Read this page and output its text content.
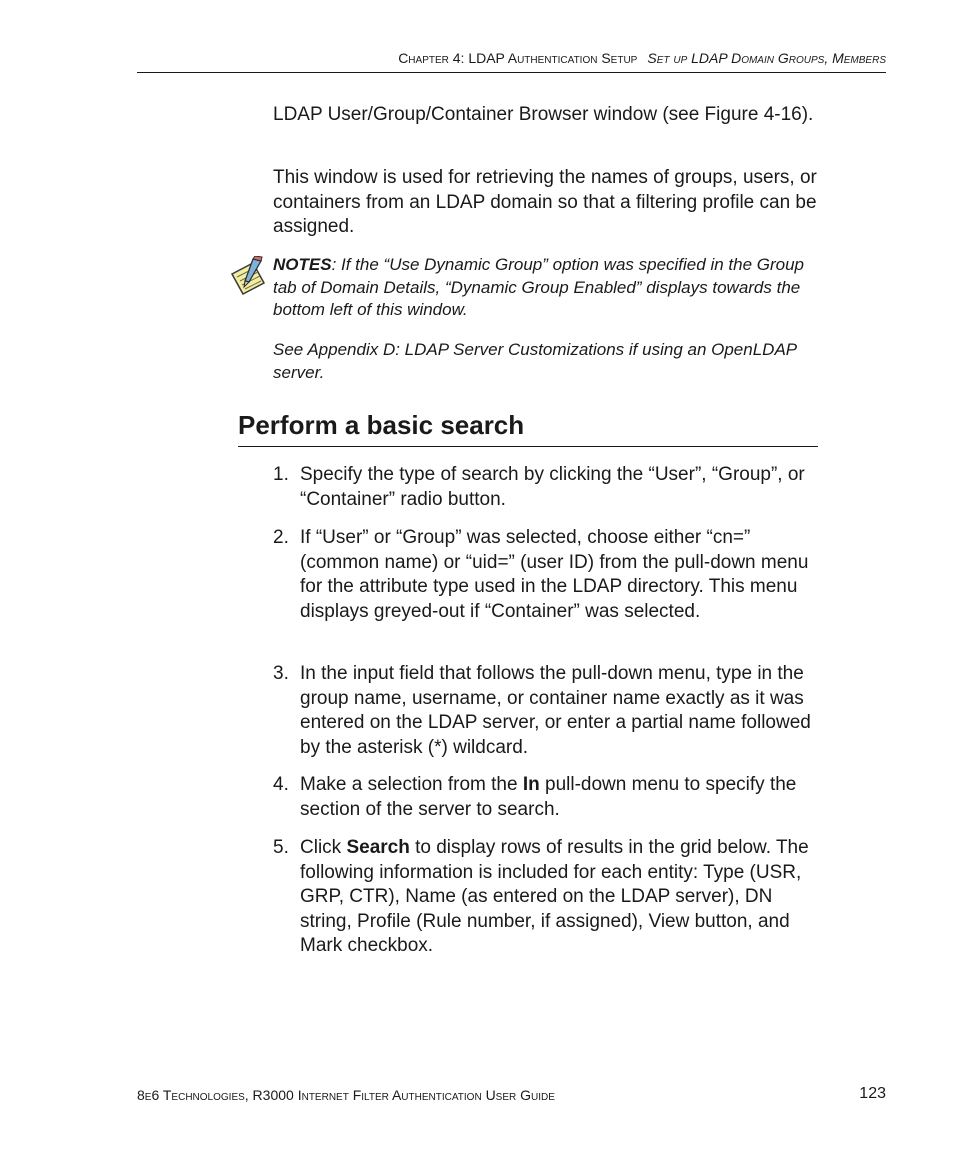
Chapter 4: LDAP Authentication Setup Set up LDAP Domain Groups, Members

LDAP User/Group/Container Browser window (see Figure 4-16).

This window is used for retrieving the names of groups, users, or containers from an LDAP domain so that a filtering profile can be assigned.

NOTES: If the “Use Dynamic Group” option was specified in the Group tab of Domain Details, “Dynamic Group Enabled” displays towards the bottom left of this window.

See Appendix D: LDAP Server Customizations if using an OpenLDAP server.

Perform a basic search
1. Specify the type of search by clicking the “User”, “Group”, or “Container” radio button.
2. If “User” or “Group” was selected, choose either “cn=” (common name) or “uid=” (user ID) from the pull-down menu for the attribute type used in the LDAP directory. This menu displays greyed-out if “Container” was selected.
3. In the input field that follows the pull-down menu, type in the group name, username, or container name exactly as it was entered on the LDAP server, or enter a partial name followed by the asterisk (*) wildcard.
4. Make a selection from the In pull-down menu to specify the section of the server to search.
5. Click Search to display rows of results in the grid below. The following information is included for each entity: Type (USR, GRP, CTR), Name (as entered on the LDAP server), DN string, Profile (Rule number, if assigned), View button, and Mark checkbox.
8e6 Technologies, R3000 Internet Filter Authentication User Guide	123
